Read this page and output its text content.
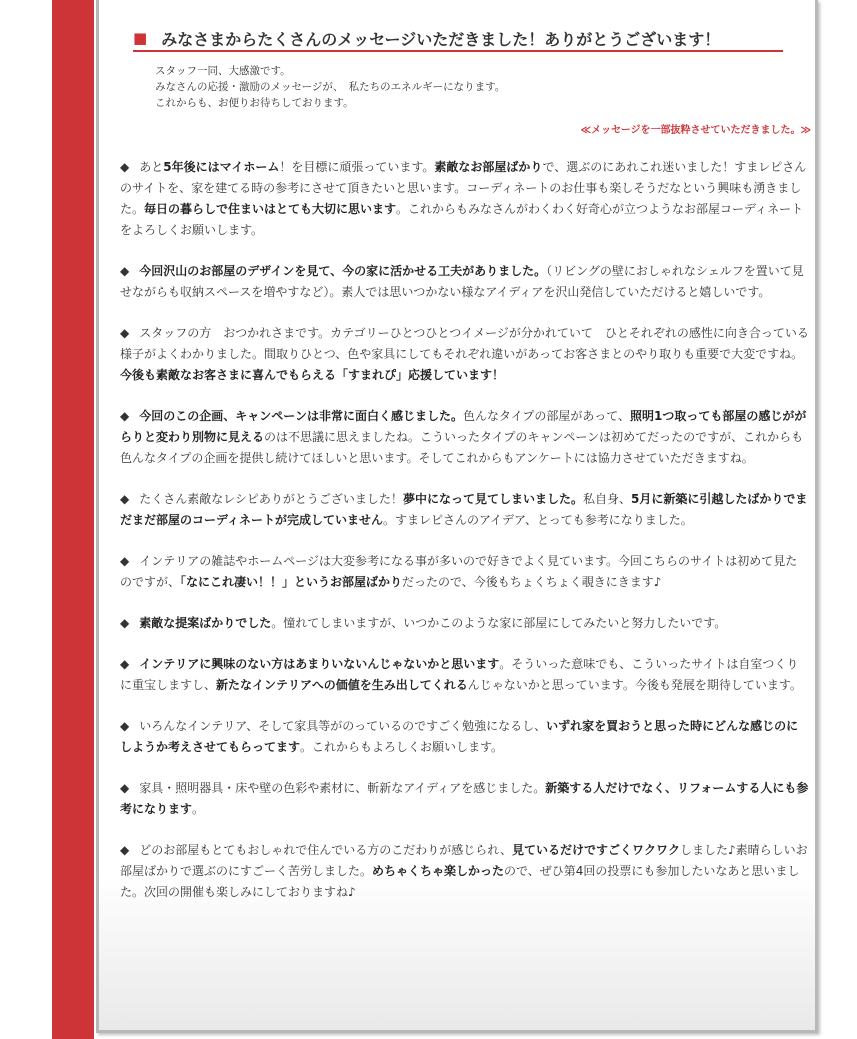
■ みなさまからたくさんのメッセージいただきました！ありがとうございます！
スタッフ一同、大感激です。
みなさんの応援・激励のメッセージが、　私たちのエネルギーになります。
これからも、お便りお待ちしております。
≪メッセージを一部抜粋させていただきました。≫
◆ あと5年後にはマイホーム！を目標に頑張っています。素敵なお部屋ばかりで、選ぶのにあれこれ迷いました！すまレピさんのサイトを、家を建てる時の参考にさせて頂きたいと思います。コーディネートのお仕事も楽しそうだなという興味も湧きました。毎日の暮らしで住まいはとても大切に思います。これからもみなさんがわくわく好奇心が立つようなお部屋コーディネートをよろしくお願いします。
◆ 今回沢山のお部屋のデザインを見て、今の家に活かせる工夫がありました。（リビングの壁におしゃれなシェルフを置いて見せながらも収納スペースを増やすなど）。素人では思いつかない様なアイディアを沢山発信していただけると嬉しいです。
◆ スタッフの方　おつかれさまです。カテゴリーひとつひとつイメージが分かれていて　ひとそれぞれの感性に向き合っている様子がよくわかりました。間取りひとつ、色や家具にしてもそれぞれ違いがあってお客さまとのやり取りも重要で大変ですね。今後も素敵なお客さまに喜んでもらえる「すまれぴ」応援しています！
◆ 今回のこの企画、キャンペーンは非常に面白く感じました。色んなタイプの部屋があって、照明1つ取っても部屋の感じががらりと変わり別物に見えるのは不思議に思えましたね。こういったタイプのキャンペーンは初めてだったのですが、これからも色んなタイプの企画を提供し続けてほしいと思います。そしてこれからもアンケートには協力させていただきますね。
◆ たくさん素敵なレシピありがとうございました！夢中になって見てしまいました。私自身、5月に新築に引越したばかりでまだまだ部屋のコーディネートが完成していません。すまレピさんのアイデア、とっても参考になりました。
◆ インテリアの雑誌やホームページは大変参考になる事が多いので好きでよく見ています。今回こちらのサイトは初めて見たのですが、「なにこれ凄い！！」というお部屋ばかりだったので、今後もちょくちょく覗きにきます♪
◆ 素敵な提案ばかりでした。憧れてしまいますが、いつかこのような家に部屋にしてみたいと努力したいです。
◆ インテリアに興味のない方はあまりいないんじゃないかと思います。そういった意味でも、こういったサイトは自室つくりに重宝しますし、新たなインテリアへの価値を生み出してくれるんじゃないかと思っています。今後も発展を期待しています。
◆ いろんなインテリア、そして家具等がのっているのですごく勉強になるし、いずれ家を買おうと思った時にどんな感じのにしようか考えさせてもらってます。これからもよろしくお願いします。
◆ 家具・照明器具・床や壁の色彩や素材に、斬新なアイディアを感じました。新築する人だけでなく、リフォームする人にも参考になります。
◆ どのお部屋もとてもおしゃれで住んでいる方のこだわりが感じられ、見ているだけですごくワクワクしました♪素晴らしいお部屋ばかりで選ぶのにすごーく苦労しました。めちゃくちゃ楽しかったので、ぜひ第4回の投票にも参加したいなあと思いました。次回の開催も楽しみにしておりますね♪
